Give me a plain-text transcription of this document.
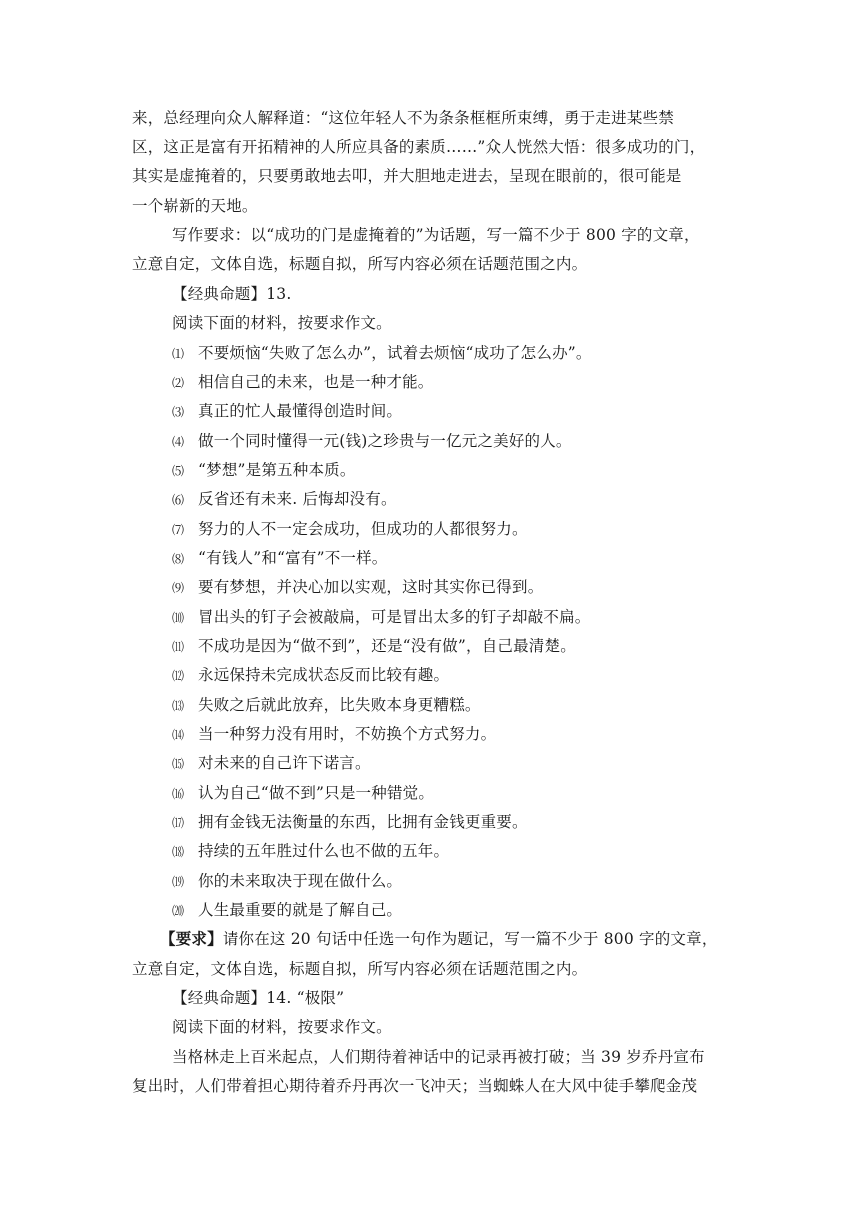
来，总经理向众人解释道：“这位年轻人不为条条框框所束缚，勇于走进某些禁
区，这正是富有开拓精神的人所应具备的素质……”众人恍然大悟：很多成功的门，
其实是虚掩着的，只要勇敢地去叩，并大胆地走进去，呈现在眼前的，很可能是
一个崭新的天地。
写作要求：以“成功的门是虚掩着的”为话题，写一篇不少于 800 字的文章，
立意自定，文体自选，标题自拟，所写内容必须在话题范围之内。
【经典命题】13.
阅读下面的材料，按要求作文。
⑴ 不要烦恼“失败了怎么办”，试着去烦恼“成功了怎么办”。
⑵ 相信自己的未来，也是一种才能。
⑶ 真正的忙人最懂得创造时间。
⑷ 做一个同时懂得一元(钱)之珍贵与一亿元之美好的人。
⑸ “梦想”是第五种本质。
⑹ 反省还有未来. 后悔却没有。
⑺ 努力的人不一定会成功，但成功的人都很努力。
⑻ “有钱人”和“富有”不一样。
⑼ 要有梦想，并决心加以实观，这时其实你已得到。
⑽ 冒出头的钉子会被敲扁，可是冒出太多的钉子却敲不扁。
⑾ 不成功是因为“做不到”，还是“没有做”，自己最清楚。
⑿ 永远保持未完成状态反而比较有趣。
⒀ 失败之后就此放弃，比失败本身更糟糕。
⒁ 当一种努力没有用时，不妨换个方式努力。
⒂ 对未来的自己许下诺言。
⒃ 认为自己“做不到”只是一种错觉。
⒄ 拥有金钱无法衡量的东西，比拥有金钱更重要。
⒅ 持续的五年胜过什么也不做的五年。
⒆ 你的未来取决于现在做什么。
⒇ 人生最重要的就是了解自己。
【要求】请你在这 20 句话中任选一句作为题记，写一篇不少于 800 字的文章，
立意自定，文体自选，标题自拟，所写内容必须在话题范围之内。
【经典命题】14. “极限”
阅读下面的材料，按要求作文。
当格林走上百米起点，人们期待着神话中的记录再被打破；当 39 岁乔丹宣布
复出时，人们带着担心期待着乔丹再次一飞冲天；当蜘蛛人在大风中徒手攀爬金茂
